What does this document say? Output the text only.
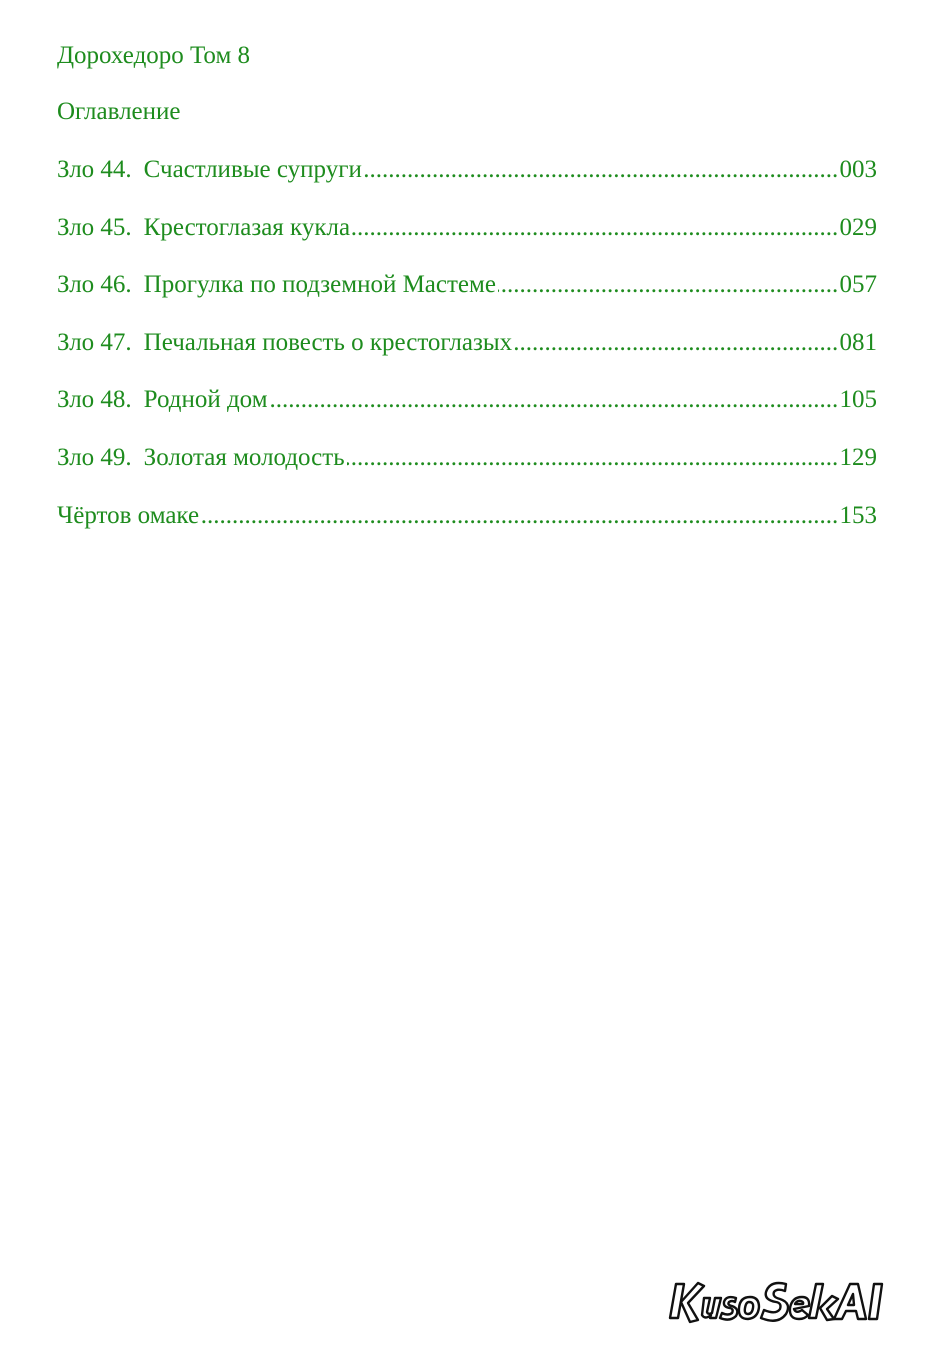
Дорохедоро Том 8
Оглавление
Зло 44. Счастливые супруги	003
.....
Зло 45. Крестоглазая кукла	029
.....
Зло 46. Прогулка по подземной Мастеме	057
.....
Зло 47. Печальная повесть о крестоглазых	081
.....
Зло 48. Родной дом	105
.....
Зло 49. Золотая молодость	129
.....
Чёртов омаке	153
.....
